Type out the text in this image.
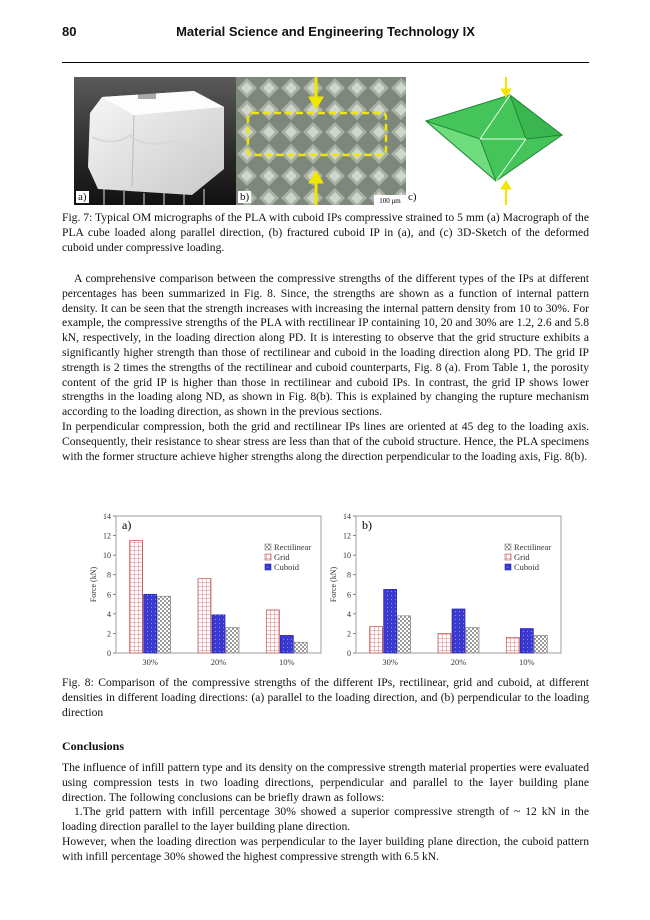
80	Material Science and Engineering Technology IX
a)	100 μm
b)	c)
Fig. 7: Typical OM micrographs of the PLA with cuboid IPs compressive strained to 5 mm (a) Macrograph of the PLA cube loaded along parallel direction, (b) fractured cuboid IP in (a), and (c) 3D-Sketch of the deformed cuboid under compressive loading.

A comprehensive comparison between the compressive strengths of the different types of the IPs at different percentages has been summarized in Fig. 8. Since, the strengths are shown as a function of internal pattern density. It can be seen that the strength increases with increasing the internal pattern density from 10 to 30%. For example, the compressive strengths of the PLA with rectilinear IP containing 10, 20 and 30% are 1.2, 2.6 and 5.8 kN, respectively, in the loading direction along PD. It is interesting to observe that the grid structure exhibits a significantly higher strength than those of rectilinear and cuboid in the loading direction along PD. The grid IP strength is 2 times the strengths of the rectilinear and cuboid counterparts, Fig. 8 (a). From Table 1, the porosity content of the grid IP is higher than those in rectilinear and cuboid IPs. In contrast, the grid IP shows lower strengths in the loading along ND, as shown in Fig. 8(b). This is explained by changing the rupture mechanism according to the loading direction, as shown in the previous sections.

In perpendicular compression, both the grid and rectilinear IPs lines are oriented at 45 deg to the loading axis. Consequently, their resistance to shear stress are less than that of the cuboid structure. Hence, the PLA specimens with the former structure achieve higher strengths along the direction perpendicular to the loading axis, Fig. 8(b).

0
2
4
6
8
10
12
14
Force (kN)
a)
30%	20%	10%
Rectilinear
Grid
Cuboid
0
2
4
6
8
10
12
14
Force (kN)
b)
30%	20%	10%
Rectilinear
Grid
Cuboid
Fig. 8: Comparison of the compressive strengths of the different IPs, rectilinear, grid and cuboid, at different densities in different loading directions: (a) parallel to the loading direction, and (b) perpendicular to the loading direction
Conclusions

The influence of infill pattern type and its density on the compressive strength material properties were evaluated using compression tests in two loading directions, perpendicular and parallel to the layer building plane direction. The following conclusions can be briefly drawn as follows:

1.The grid pattern with infill percentage 30% showed a superior compressive strength of ~ 12 kN in the loading direction parallel to the layer building plane direction.

However, when the loading direction was perpendicular to the layer building plane direction, the cuboid pattern with infill percentage 30% showed the highest compressive strength with 6.5 kN.
